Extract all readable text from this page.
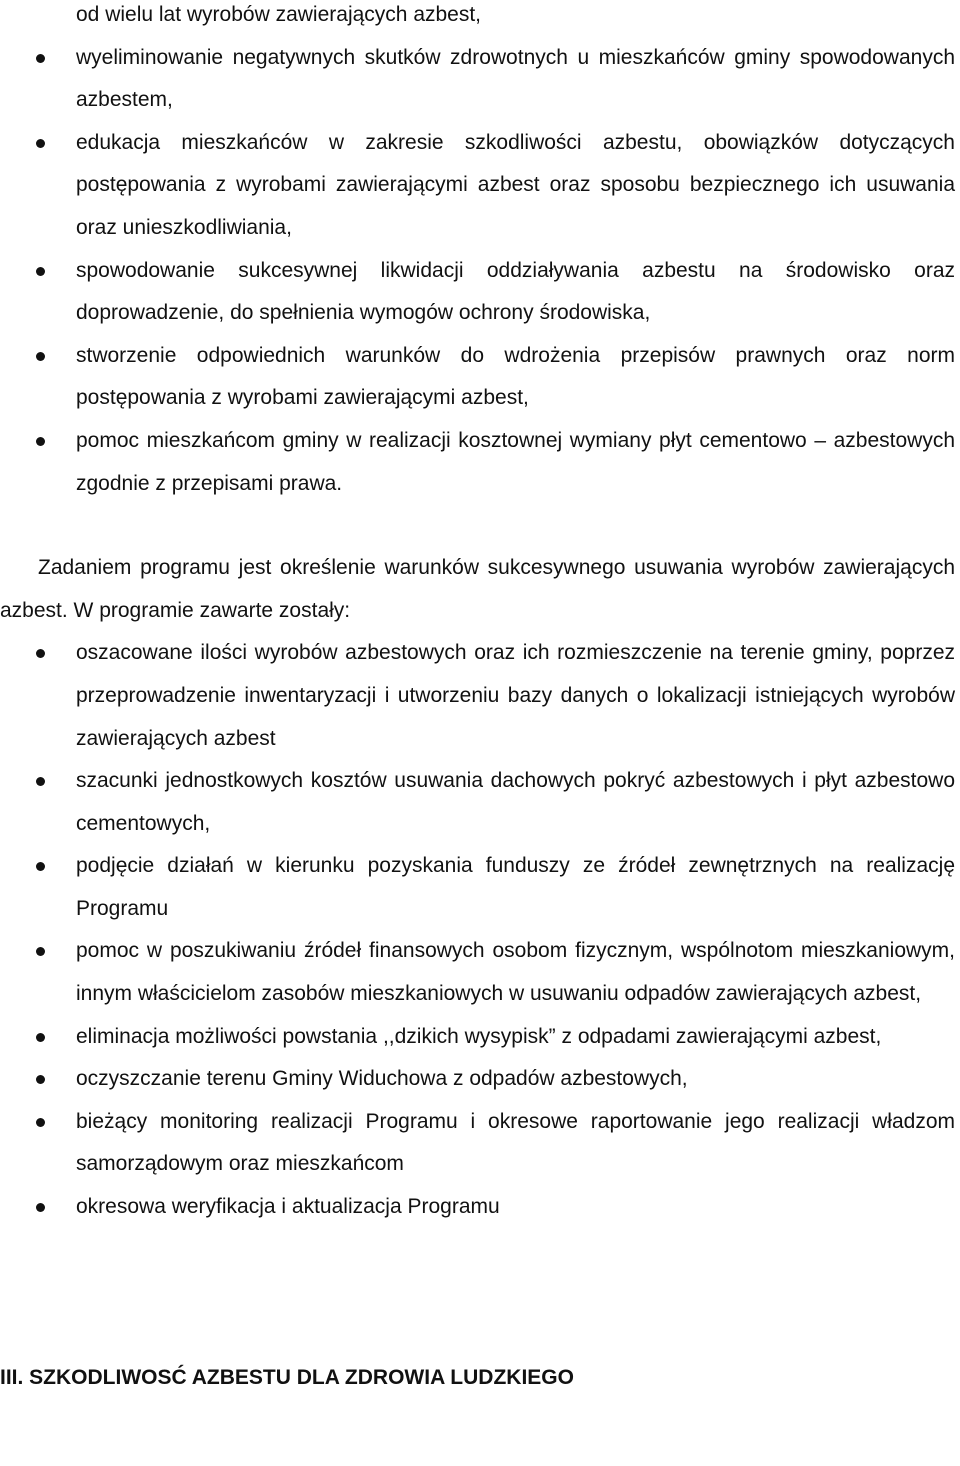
od wielu lat wyrobów zawierających azbest,
wyeliminowanie negatywnych skutków zdrowotnych u mieszkańców gminy spowodowanych azbestem,
edukacja mieszkańców w zakresie szkodliwości azbestu, obowiązków dotyczących postępowania z wyrobami zawierającymi azbest oraz sposobu bezpiecznego ich usuwania oraz unieszkodliwiania,
spowodowanie sukcesywnej likwidacji oddziaływania azbestu na środowisko oraz doprowadzenie, do spełnienia wymogów ochrony środowiska,
stworzenie odpowiednich warunków do wdrożenia przepisów prawnych oraz norm postępowania z wyrobami zawierającymi azbest,
pomoc mieszkańcom gminy w realizacji kosztownej wymiany płyt cementowo – azbestowych zgodnie z przepisami prawa.

Zadaniem programu jest określenie warunków sukcesywnego usuwania wyrobów zawierających azbest. W programie zawarte zostały:

oszacowane ilości wyrobów azbestowych oraz ich rozmieszczenie na terenie gminy, poprzez przeprowadzenie inwentaryzacji i utworzeniu bazy danych o lokalizacji istniejących wyrobów zawierających azbest
szacunki jednostkowych kosztów usuwania dachowych pokryć azbestowych i płyt azbestowo cementowych,
podjęcie działań w kierunku pozyskania funduszy ze źródeł zewnętrznych na realizację Programu
pomoc w poszukiwaniu źródeł finansowych osobom fizycznym, wspólnotom mieszkaniowym, innym właścicielom zasobów mieszkaniowych w usuwaniu odpadów zawierających azbest,
eliminacja możliwości powstania ,,dzikich wysypisk” z odpadami zawierającymi azbest,
oczyszczanie terenu Gminy Widuchowa z odpadów azbestowych,
bieżący monitoring realizacji Programu i okresowe raportowanie jego realizacji władzom samorządowym oraz mieszkańcom
okresowa weryfikacja i aktualizacja Programu
III. SZKODLIWOSĆ AZBESTU DLA ZDROWIA LUDZKIEGO
